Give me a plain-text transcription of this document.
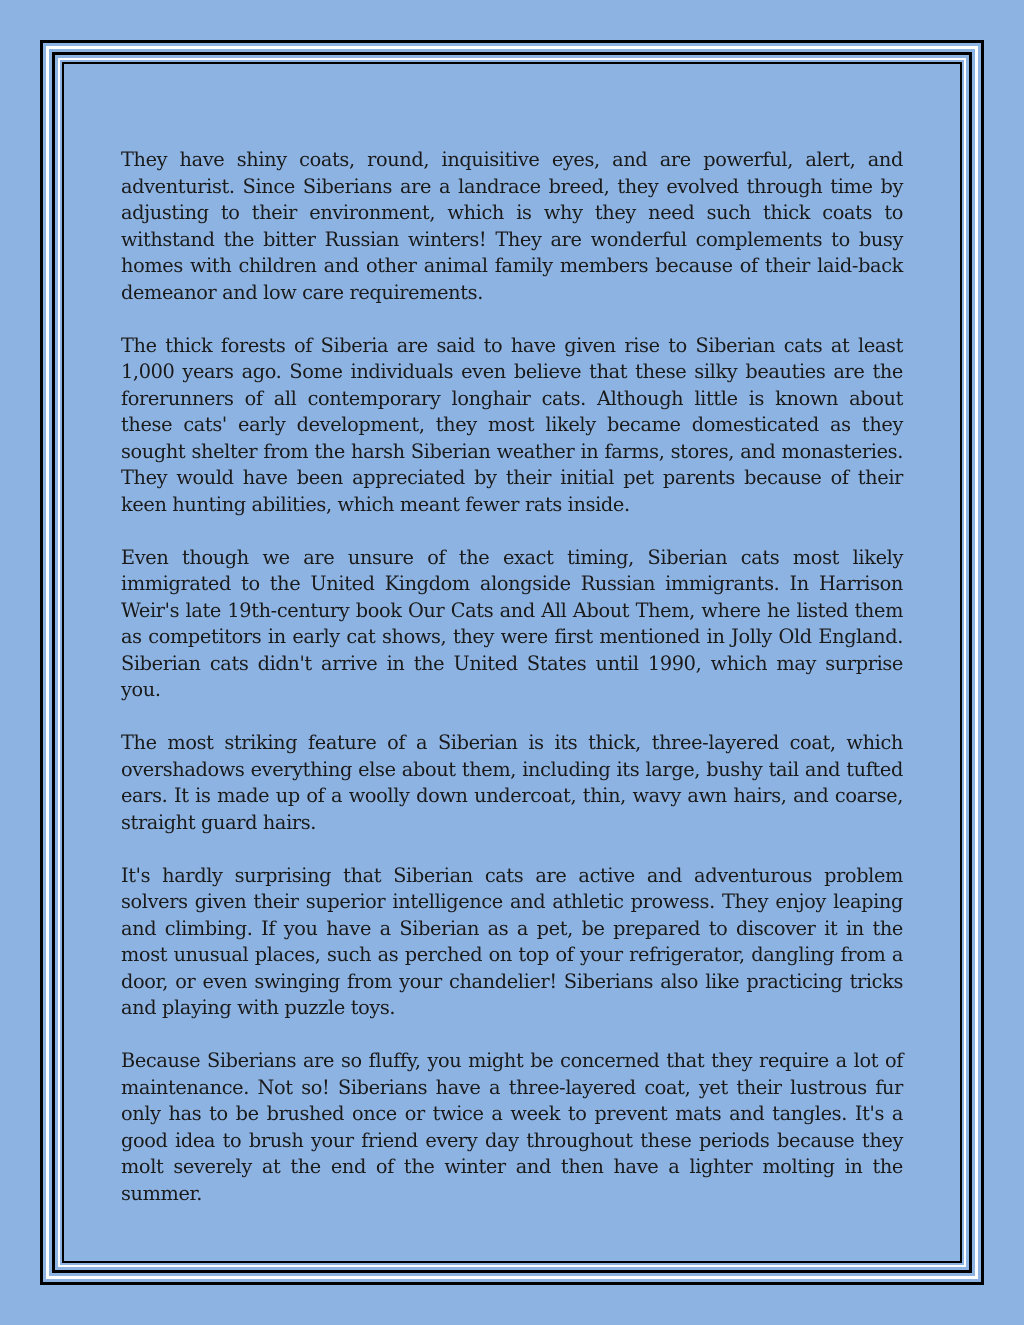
They have shiny coats, round, inquisitive eyes, and are powerful, alert, and adventurist. Since Siberians are a landrace breed, they evolved through time by adjusting to their environment, which is why they need such thick coats to withstand the bitter Russian winters! They are wonderful complements to busy homes with children and other animal family members because of their laid-back demeanor and low care requirements.

The thick forests of Siberia are said to have given rise to Siberian cats at least 1,000 years ago. Some individuals even believe that these silky beauties are the forerunners of all contemporary longhair cats. Although little is known about these cats' early development, they most likely became domesticated as they sought shelter from the harsh Siberian weather in farms, stores, and monasteries. They would have been appreciated by their initial pet parents because of their keen hunting abilities, which meant fewer rats inside.

Even though we are unsure of the exact timing, Siberian cats most likely immigrated to the United Kingdom alongside Russian immigrants. In Harrison Weir's late 19th-century book Our Cats and All About Them, where he listed them as competitors in early cat shows, they were first mentioned in Jolly Old England. Siberian cats didn't arrive in the United States until 1990, which may surprise you.

The most striking feature of a Siberian is its thick, three-layered coat, which overshadows everything else about them, including its large, bushy tail and tufted ears. It is made up of a woolly down undercoat, thin, wavy awn hairs, and coarse, straight guard hairs.

It's hardly surprising that Siberian cats are active and adventurous problem solvers given their superior intelligence and athletic prowess. They enjoy leaping and climbing. If you have a Siberian as a pet, be prepared to discover it in the most unusual places, such as perched on top of your refrigerator, dangling from a door, or even swinging from your chandelier! Siberians also like practicing tricks and playing with puzzle toys.

Because Siberians are so fluffy, you might be concerned that they require a lot of maintenance. Not so! Siberians have a three-layered coat, yet their lustrous fur only has to be brushed once or twice a week to prevent mats and tangles. It's a good idea to brush your friend every day throughout these periods because they molt severely at the end of the winter and then have a lighter molting in the summer.
